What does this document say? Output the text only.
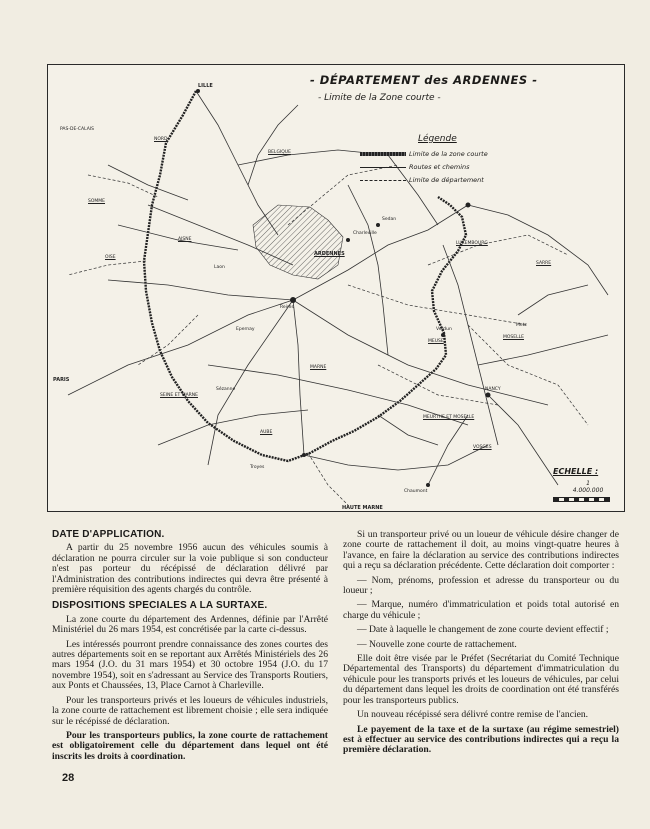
- DÉPARTEMENT des ARDENNES -
- Limite de la Zone courte -
Légende
Limite de la zone courte
Routes et chemins
Limite de département
ECHELLE :
1
4.000.000
LILLE
PAS-DE-CALAIS
NORD
BELGIQUE
SOMME
AISNE
OISE
ARDENNES
LUXEMBOURG
SARRE
MARNE
MEUSE
MOSELLE
SEINE ET MARNE
PARIS
AUBE
MEURTHE ET MOSELLE
NANCY
VOSGES
Chaumont
HAUTE MARNE
Reims
Laon
Epernay
Sézanne
Troyes
Verdun
Metz
Charleville
Sedan
DATE D'APPLICATION.

A partir du 25 novembre 1956 aucun des véhicules soumis à déclaration ne pourra circuler sur la voie publique si son conducteur n'est pas porteur du récépissé de déclaration délivré par l'Administration des contributions indirectes qui devra être présenté à première réquisition des agents chargés du contrôle.

DISPOSITIONS SPECIALES A LA SURTAXE.

La zone courte du département des Ardennes, définie par l'Arrêté Ministériel du 26 mars 1954, est concrétisée par la carte ci-dessus.

Les intéressés pourront prendre connaissance des zones courtes des autres départements soit en se reportant aux Arrêtés Ministériels des 26 mars 1954 (J.O. du 31 mars 1954) et 30 octobre 1954 (J.O. du 17 novembre 1954), soit en s'adressant au Service des Transports Routiers, aux Ponts et Chaussées, 13, Place Carnot à Charleville.

Pour les transporteurs privés et les loueurs de véhicules industriels, la zone courte de rattachement est librement choisie ; elle sera indiquée sur le récépissé de déclaration.

Pour les transporteurs publics, la zone courte de rattachement est obligatoirement celle du département dans lequel ont été inscrits les droits à coordination.

Si un transporteur privé ou un loueur de véhicule désire changer de zone courte de rattachement il doit, au moins vingt-quatre heures à l'avance, en faire la déclaration au service des contributions indirectes qui a reçu sa déclaration précédente. Cette déclaration doit comporter :

— Nom, prénoms, profession et adresse du transporteur ou du loueur ;

— Marque, numéro d'immatriculation et poids total autorisé en charge du véhicule ;

— Date à laquelle le changement de zone courte devient effectif ;

— Nouvelle zone courte de rattachement.

Elle doit être visée par le Préfet (Secrétariat du Comité Technique Départemental des Transports) du département d'immatriculation du véhicule pour les transports privés et les loueurs de véhicules, par celui du département dans lequel les droits de coordination ont été transférés pour les transporteurs publics.

Un nouveau récépissé sera délivré contre remise de l'ancien.

Le payement de la taxe et de la surtaxe (au régime semestriel) est à effectuer au service des contributions indirectes qui a reçu la première déclaration.

28
